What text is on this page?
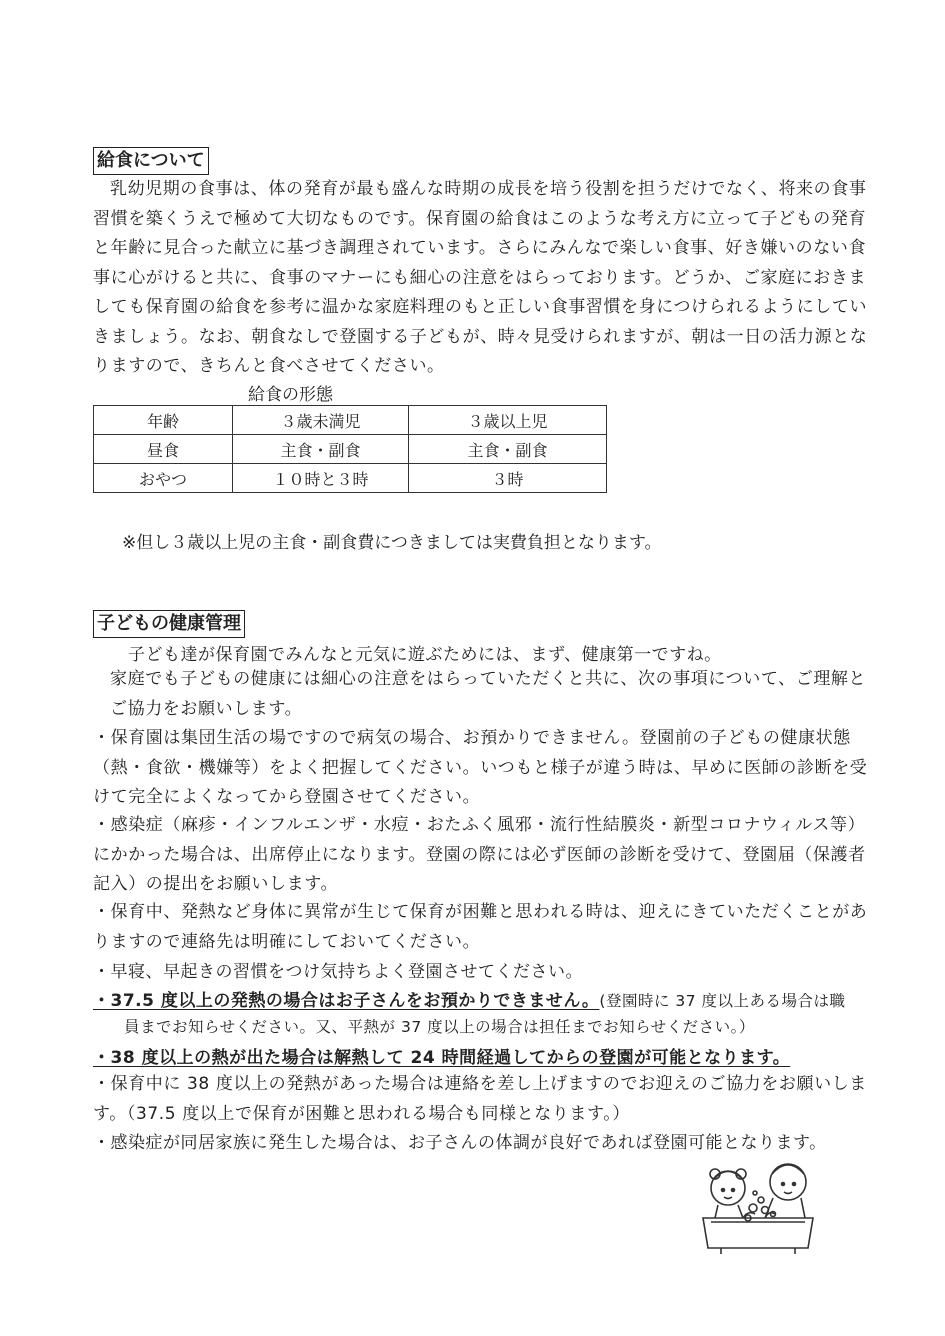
給食について

乳幼児期の食事は、体の発育が最も盛んな時期の成長を培う役割を担うだけでなく、将来の食事習慣を築くうえで極めて大切なものです。保育園の給食はこのような考え方に立って子どもの発育と年齢に見合った献立に基づき調理されています。さらにみんなで楽しい食事、好き嫌いのない食事に心がけると共に、食事のマナーにも細心の注意をはらっております。どうか、ご家庭におきましても保育園の給食を参考に温かな家庭料理のもと正しい食事習慣を身につけられるようにしていきましょう。なお、朝食なしで登園する子どもが、時々見受けられますが、朝は一日の活力源となりますので、きちんと食べさせてください。

給食の形態
年齢	３歳未満児	３歳以上児
昼食	主食・副食	主食・副食
おやつ	１０時と３時	３時
※但し３歳以上児の主食・副食費につきましては実費負担となります。
子どもの健康管理
子ども達が保育園でみんなと元気に遊ぶためには、まず、健康第一ですね。

家庭でも子どもの健康には細心の注意をはらっていただくと共に、次の事項について、ご理解とご協力をお願いします。

・保育園は集団生活の場ですので病気の場合、お預かりできません。登園前の子どもの健康状態（熱・食欲・機嫌等）をよく把握してください。いつもと様子が違う時は、早めに医師の診断を受けて完全によくなってから登園させてください。

・感染症（麻疹・インフルエンザ・水痘・おたふく風邪・流行性結膜炎・新型コロナウィルス等）にかかった場合は、出席停止になります。登園の際には必ず医師の診断を受けて、登園届（保護者記入）の提出をお願いします。

・保育中、発熱など身体に異常が生じて保育が困難と思われる時は、迎えにきていただくことがありますので連絡先は明確にしておいてください。

・早寝、早起きの習慣をつけ気持ちよく登園させてください。
・37.5 度以上の発熱の場合はお子さんをお預かりできません。(登園時に 37 度以上ある場合は職
員までお知らせください。又、平熱が 37 度以上の場合は担任までお知らせください。）
・38 度以上の熱が出た場合は解熱して 24 時間経過してからの登園が可能となります。

・保育中に 38 度以上の発熱があった場合は連絡を差し上げますのでお迎えのご協力をお願いします。（37.5 度以上で保育が困難と思われる場合も同様となります。）

・感染症が同居家族に発生した場合は、お子さんの体調が良好であれば登園可能となります。
